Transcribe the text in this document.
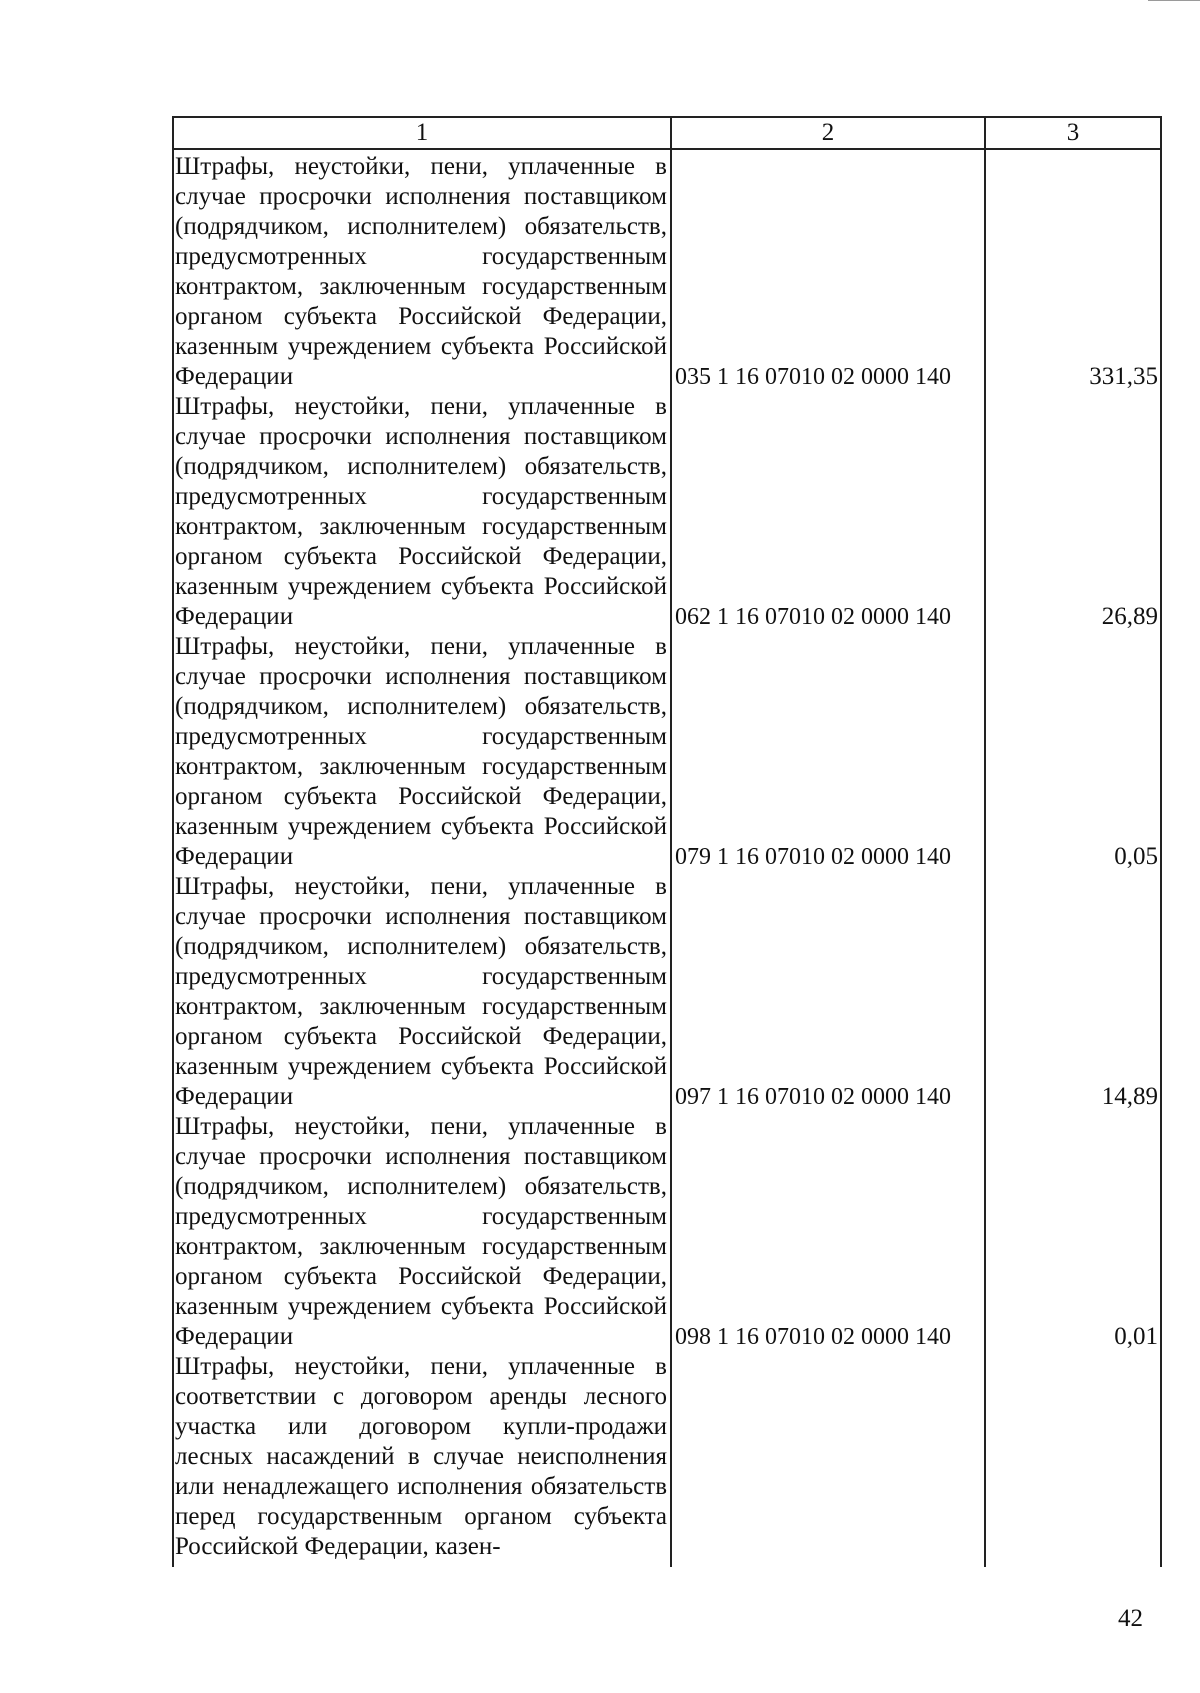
1	2	3

Штрафы, неустойки, пени, уплаченные в случае просрочки исполнения поставщиком (подрядчиком, исполнителем) обязательств, предусмотренных государственным контрактом, заключенным государственным органом субъекта Российской Федерации, казенным учреждением субъекта Российской Федерации

Штрафы, неустойки, пени, уплаченные в случае просрочки исполнения поставщиком (подрядчиком, исполнителем) обязательств, предусмотренных государственным контрактом, заключенным государственным органом субъекта Российской Федерации, казенным учреждением субъекта Российской Федерации

Штрафы, неустойки, пени, уплаченные в случае просрочки исполнения поставщиком (подрядчиком, исполнителем) обязательств, предусмотренных государственным контрактом, заключенным государственным органом субъекта Российской Федерации, казенным учреждением субъекта Российской Федерации

Штрафы, неустойки, пени, уплаченные в случае просрочки исполнения поставщиком (подрядчиком, исполнителем) обязательств, предусмотренных государственным контрактом, заключенным государственным органом субъекта Российской Федерации, казенным учреждением субъекта Российской Федерации

Штрафы, неустойки, пени, уплаченные в случае просрочки исполнения поставщиком (подрядчиком, исполнителем) обязательств, предусмотренных государственным контрактом, заключенным государственным органом субъекта Российской Федерации, казенным учреждением субъекта Российской Федерации

Штрафы, неустойки, пени, уплаченные в соответствии с договором аренды лесного участка или договором купли-продажи лесных насаждений в случае неисполнения или ненадлежащего исполнения обязательств перед государственным органом субъекта Российской Федерации, казен-

035 1 16 07010 02 0000 140
062 1 16 07010 02 0000 140
079 1 16 07010 02 0000 140
097 1 16 07010 02 0000 140
098 1 16 07010 02 0000 140
331,35
26,89
0,05
14,89
0,01
42
